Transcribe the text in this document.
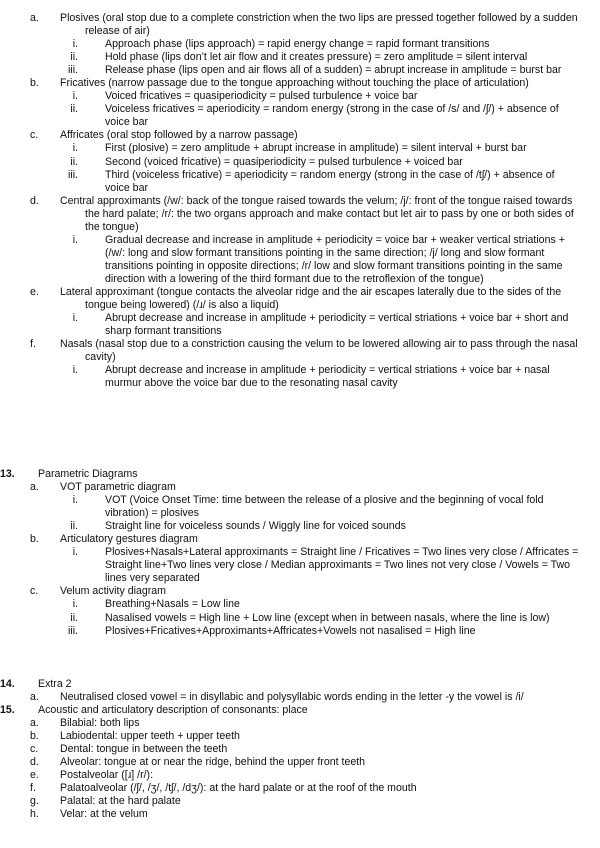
a. Plosives (oral stop due to a complete constriction when the two lips are pressed together followed by a sudden release of air)
i.	Approach phase (lips approach) = rapid energy change = rapid formant transitions
ii.	Hold phase (lips don’t let air flow and it creates pressure) = zero amplitude = silent interval
iii.	Release phase (lips open and air flows all of a sudden) = abrupt increase in amplitude = burst bar
b. Fricatives (narrow passage due to the tongue approaching without touching the place of articulation)
i.	Voiced fricatives = quasiperiodicity = pulsed turbulence + voice bar
ii.	Voiceless fricatives = aperiodicity = random energy (strong in the case of /s/ and /ʃ/) + absence of voice bar
c. Affricates (oral stop followed by a narrow passage)
i.	First (plosive) = zero amplitude + abrupt increase in amplitude) = silent interval + burst bar
ii.	Second (voiced fricative) = quasiperiodicity = pulsed turbulence + voiced bar
iii.	Third (voiceless fricative) = aperiodicity = random energy (strong in the case of /tʃ/) + absence of voice bar
d. Central approximants (/w/: back of the tongue raised towards the velum; /j/: front of the tongue raised towards the hard palate; /r/: the two organs approach and make contact but let air to pass by one or both sides of the tongue)
i.	Gradual decrease and increase in amplitude + periodicity = voice bar + weaker vertical striations + (/w/: long and slow formant transitions pointing in the same direction; /j/ long and slow formant transitions pointing in opposite directions; /r/ low and slow formant transitions pointing in the same direction with a lowering of the third formant due to the retroflexion of the tongue)
e. Lateral approximant (tongue contacts the alveolar ridge and the air escapes laterally due to the sides of the tongue being lowered) (/ɹ/ is also a liquid)
i.	Abrupt decrease and increase in amplitude + periodicity = vertical striations + voice bar + short and sharp formant transitions
f. Nasals (nasal stop due to a constriction causing the velum to be lowered allowing air to pass through the nasal cavity)
i.	Abrupt decrease and increase in amplitude + periodicity = vertical striations + voice bar + nasal murmur above the voice bar due to the resonating nasal cavity
13.	Parametric Diagrams
a. VOT parametric diagram
i.	VOT (Voice Onset Time: time between the release of a plosive and the beginning of vocal fold vibration) = plosives
ii.	Straight line for voiceless sounds / Wiggly line for voiced sounds
b. Articulatory gestures diagram
i.	Plosives+Nasals+Lateral approximants = Straight line / Fricatives = Two lines very close / Affricates = Straight line+Two lines very close / Median approximants = Two lines not very close / Vowels = Two lines very separated
c. Velum activity diagram
i.	Breathing+Nasals = Low line
ii.	Nasalised vowels = High line + Low line (except when in between nasals, where the line is low)
iii.	Plosives+Fricatives+Approximants+Affricates+Vowels not nasalised = High line
14.	Extra 2
a. Neutralised closed vowel = in disyllabic and polysyllabic words ending in the letter -y the vowel is /i/
15.	Acoustic and articulatory description of consonants: place
a. Bilabial: both lips
b. Labiodental: upper teeth + upper teeth
c. Dental: tongue in between the teeth
d. Alveolar: tongue at or near the ridge, behind the upper front teeth
e. Postalveolar ([ɹ] /r/):
f. Palatoalveolar (/ʃ/, /ʒ/, /tʃ/, /dʒ/): at the hard palate or at the roof of the mouth
g. Palatal: at the hard palate
h. Velar: at the velum
